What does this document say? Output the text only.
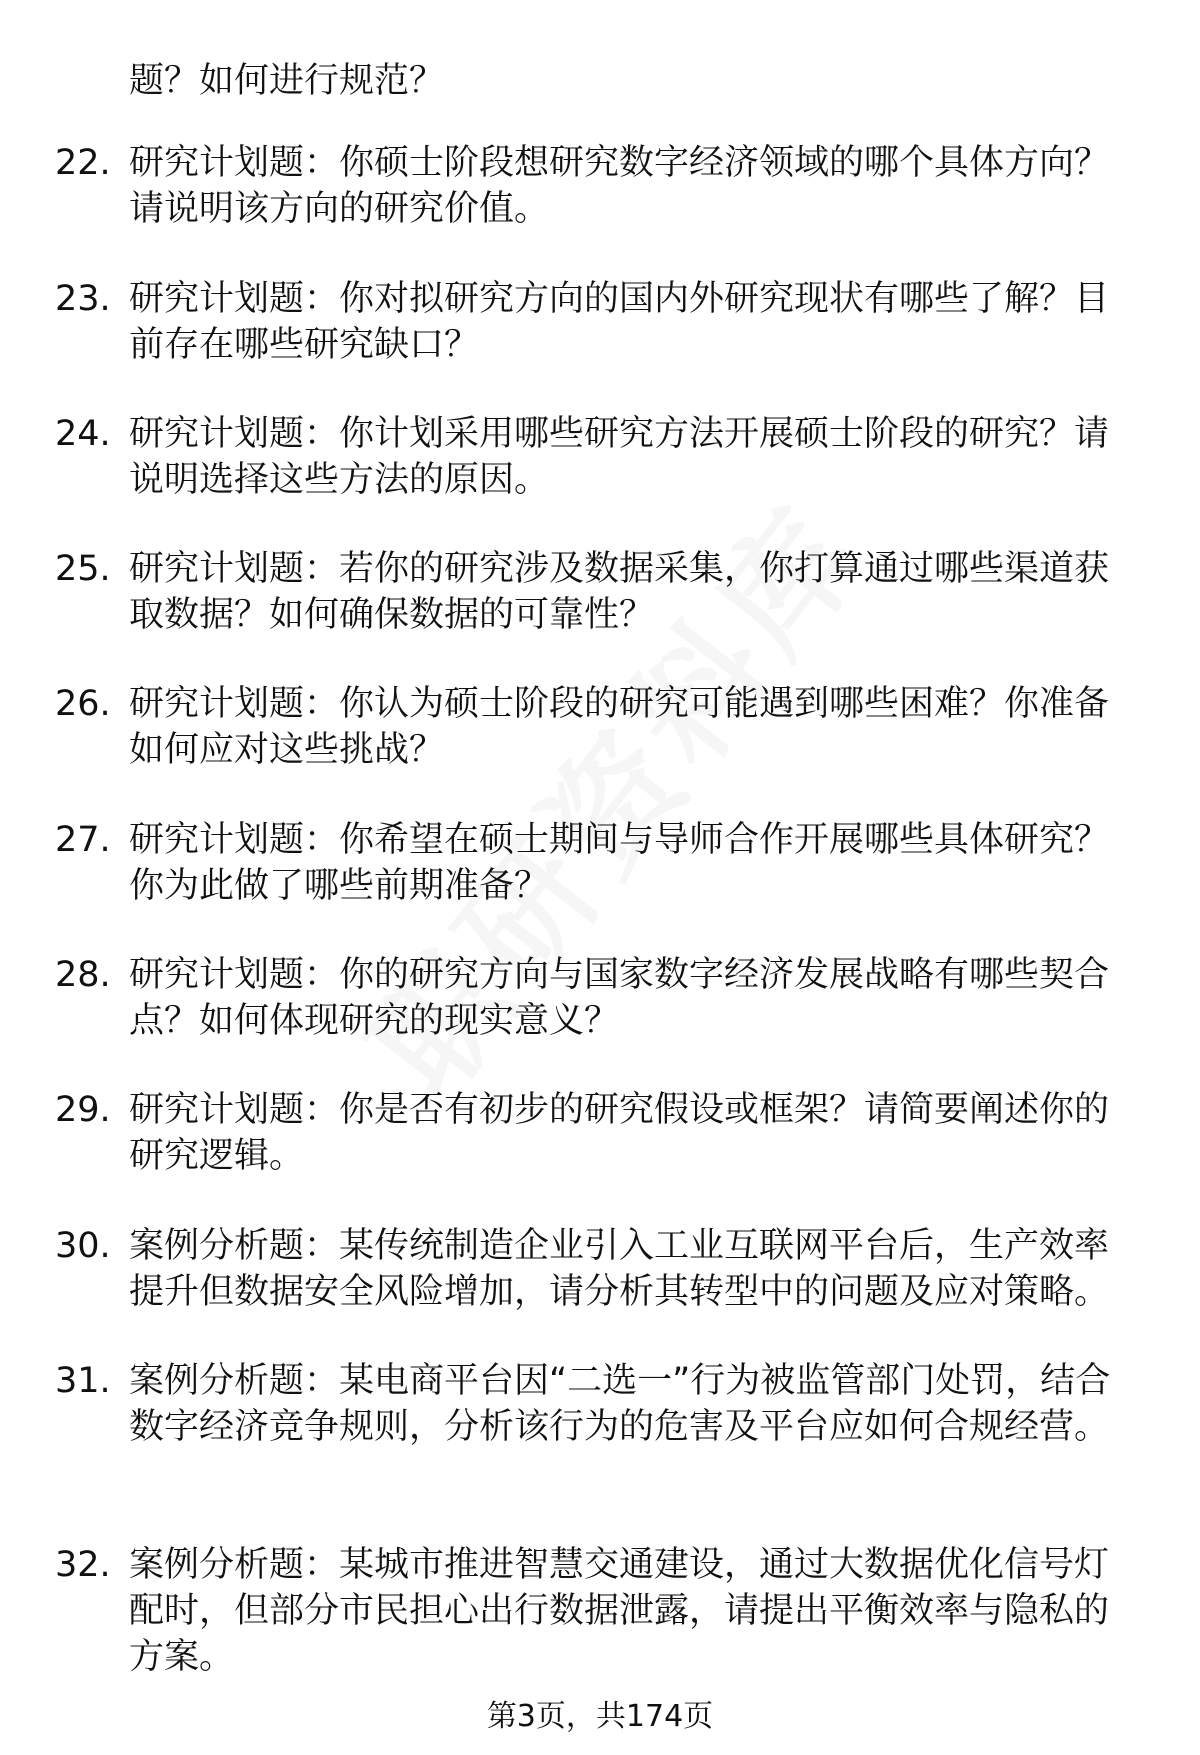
题？如何进行规范？

22. 研究计划题：你硕士阶段想研究数字经济领域的哪个具体方向？请说明该方向的研究价值。
23. 研究计划题：你对拟研究方向的国内外研究现状有哪些了解？目前存在哪些研究缺口？
24. 研究计划题：你计划采用哪些研究方法开展硕士阶段的研究？请说明选择这些方法的原因。
25. 研究计划题：若你的研究涉及数据采集，你打算通过哪些渠道获取数据？如何确保数据的可靠性？
26. 研究计划题：你认为硕士阶段的研究可能遇到哪些困难？你准备如何应对这些挑战？
27. 研究计划题：你希望在硕士期间与导师合作开展哪些具体研究？你为此做了哪些前期准备？
28. 研究计划题：你的研究方向与国家数字经济发展战略有哪些契合点？如何体现研究的现实意义？
29. 研究计划题：你是否有初步的研究假设或框架？请简要阐述你的研究逻辑。
30. 案例分析题：某传统制造企业引入工业互联网平台后，生产效率提升但数据安全风险增加，请分析其转型中的问题及应对策略。
31. 案例分析题：某电商平台因“二选一”行为被监管部门处罚，结合数字经济竞争规则，分析该行为的危害及平台应如何合规经营。
32. 案例分析题：某城市推进智慧交通建设，通过大数据优化信号灯配时，但部分市民担心出行数据泄露，请提出平衡效率与隐私的方案。
第3页，共174页
